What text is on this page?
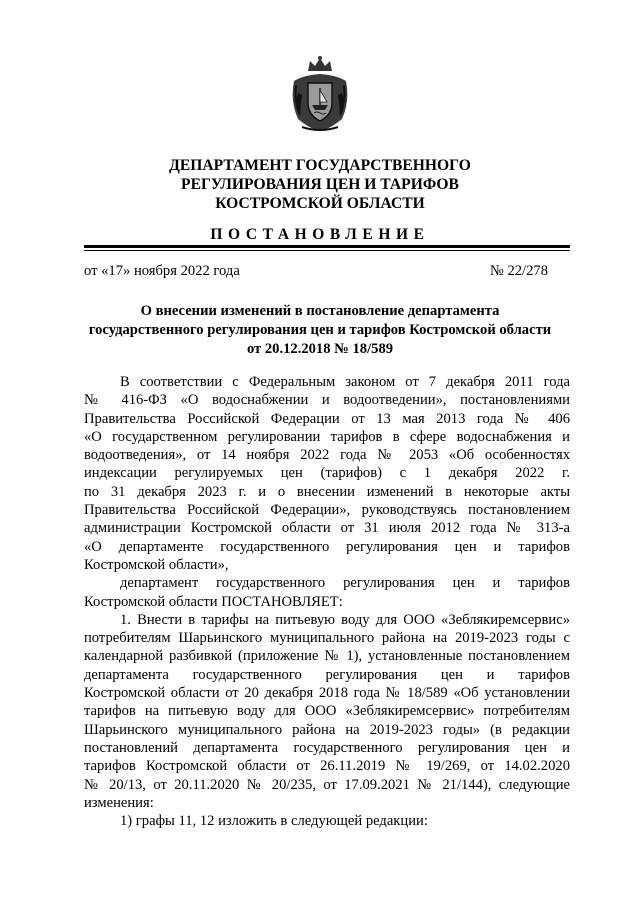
ДЕПАРТАМЕНТ ГОСУДАРСТВЕННОГО
РЕГУЛИРОВАНИЯ ЦЕН И ТАРИФОВ
КОСТРОМСКОЙ ОБЛАСТИ
ПОСТАНОВЛЕНИЕ
от «17» ноября 2022 года	№ 22/278
О внесении изменений в постановление департамента
государственного регулирования цен и тарифов Костромской области
от 20.12.2018 № 18/589
В соответствии с Федеральным законом от 7 декабря 2011 года
№ 416-ФЗ «О водоснабжении и водоотведении», постановлениями
Правительства Российской Федерации от 13 мая 2013 года № 406
«О государственном регулировании тарифов в сфере водоснабжения и
водоотведения», от 14 ноября 2022 года № 2053 «Об особенностях
индексации регулируемых цен (тарифов) с 1 декабря 2022 г.
по 31 декабря 2023 г. и о внесении изменений в некоторые акты
Правительства Российской Федерации», руководствуясь постановлением
администрации Костромской области от 31 июля 2012 года № 313-а
«О департаменте государственного регулирования цен и тарифов
Костромской области»,
департамент государственного регулирования цен и тарифов
Костромской области ПОСТАНОВЛЯЕТ:
1. Внести в тарифы на питьевую воду для ООО «Зеблякиремсервис»
потребителям Шарьинского муниципального района на 2019-2023 годы с
календарной разбивкой (приложение № 1), установленные постановлением
департамента государственного регулирования цен и тарифов
Костромской области от 20 декабря 2018 года № 18/589 «Об установлении
тарифов на питьевую воду для ООО «Зеблякиремсервис» потребителям
Шарьинского муниципального района на 2019-2023 годы» (в редакции
постановлений департамента государственного регулирования цен и
тарифов Костромской области от 26.11.2019 № 19/269, от 14.02.2020
№ 20/13, от 20.11.2020 № 20/235, от 17.09.2021 № 21/144), следующие
изменения:
1) графы 11, 12 изложить в следующей редакции:
